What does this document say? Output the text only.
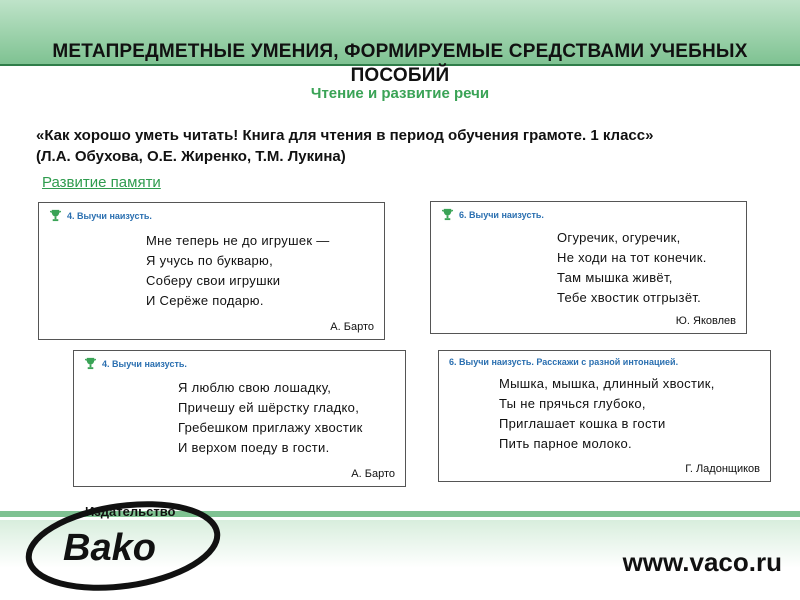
МЕТАПРЕДМЕТНЫЕ УМЕНИЯ, ФОРМИРУЕМЫЕ СРЕДСТВАМИ УЧЕБНЫХ ПОСОБИЙ
Чтение и развитие речи
«Как хорошо уметь читать! Книга для чтения в период обучения грамоте. 1 класс»
(Л.А. Обухова, О.Е. Жиренко, Т.М. Лукина)
Развитие памяти
4. Выучи наизусть.
Мне теперь не до игрушек —
Я учусь по букварю,
Соберу свои игрушки
И Серёже подарю.
А. Барто
6. Выучи наизусть.
Огуречик, огуречик,
Не ходи на тот конечик.
Там мышка живёт,
Тебе хвостик отгрызёт.
Ю. Яковлев
4. Выучи наизусть.
Я люблю свою лошадку,
Причешу ей шёрстку гладко,
Гребешком приглажу хвостик
И верхом поеду в гости.
А. Барто
6. Выучи наизусть. Расскажи с разной интонацией.
Мышка, мышка, длинный хвостик,
Ты не прячься глубоко,
Приглашает кошка в гости
Пить парное молоко.
Г. Ладонщиков
Издательство
Bako	www.vaco.ru
